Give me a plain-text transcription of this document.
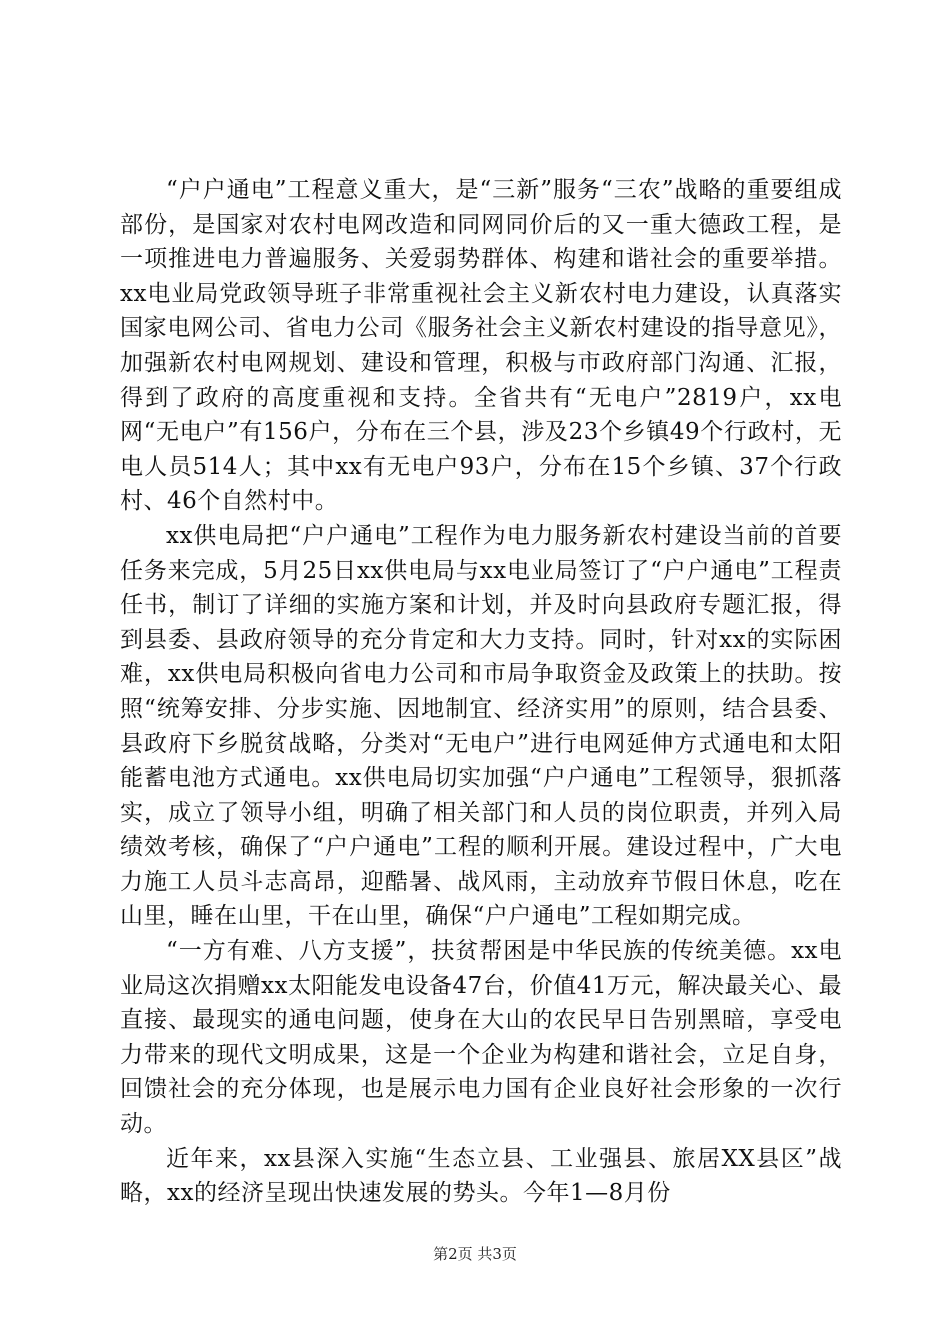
“户户通电”工程意义重大，是“三新”服务“三农”战略的重要组成部份，是国家对农村电网改造和同网同价后的又一重大德政工程，是一项推进电力普遍服务、关爱弱势群体、构建和谐社会的重要举措。xx电业局党政领导班子非常重视社会主义新农村电力建设，认真落实国家电网公司、省电力公司《服务社会主义新农村建设的指导意见》，加强新农村电网规划、建设和管理，积极与市政府部门沟通、汇报，得到了政府的高度重视和支持。全省共有“无电户”2819户，xx电网“无电户”有156户，分布在三个县，涉及23个乡镇49个行政村，无电人员514人；其中xx有无电户93户，分布在15个乡镇、37个行政村、46个自然村中。

xx供电局把“户户通电”工程作为电力服务新农村建设当前的首要任务来完成，5月25日xx供电局与xx电业局签订了“户户通电”工程责任书，制订了详细的实施方案和计划，并及时向县政府专题汇报，得到县委、县政府领导的充分肯定和大力支持。同时，针对xx的实际困难，xx供电局积极向省电力公司和市局争取资金及政策上的扶助。按照“统筹安排、分步实施、因地制宜、经济实用”的原则，结合县委、县政府下乡脱贫战略，分类对“无电户”进行电网延伸方式通电和太阳能蓄电池方式通电。xx供电局切实加强“户户通电”工程领导，狠抓落实，成立了领导小组，明确了相关部门和人员的岗位职责，并列入局绩效考核，确保了“户户通电”工程的顺利开展。建设过程中，广大电力施工人员斗志高昂，迎酷暑、战风雨，主动放弃节假日休息，吃在山里，睡在山里，干在山里，确保“户户通电”工程如期完成。

“一方有难、八方支援”，扶贫帮困是中华民族的传统美德。xx电业局这次捐赠xx太阳能发电设备47台，价值41万元，解决最关心、最直接、最现实的通电问题，使身在大山的农民早日告别黑暗，享受电力带来的现代文明成果，这是一个企业为构建和谐社会，立足自身，回馈社会的充分体现，也是展示电力国有企业良好社会形象的一次行动。

近年来，xx县深入实施“生态立县、工业强县、旅居XX县区”战略，xx的经济呈现出快速发展的势头。今年1—8月份

第2页 共3页
